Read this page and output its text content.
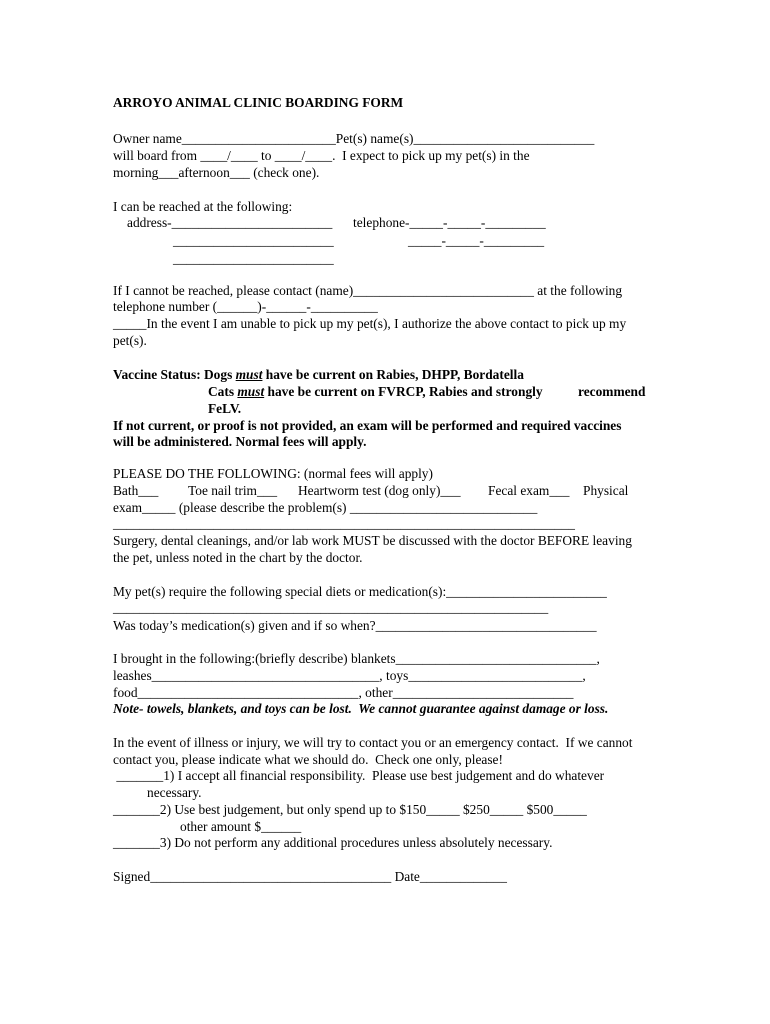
ARROYO ANIMAL CLINIC BOARDING FORM
Owner name_______________________Pet(s) name(s)___________________________
will board from ____/____ to ____/____.  I expect to pick up my pet(s) in the
morning___afternoon___ (check one).
I can be reached at the following:
address-________________________ telephone-_____-_____-_________
________________________	_____-_____-_________
________________________
If I cannot be reached, please contact (name)___________________________ at the following
telephone number (______)-______-__________
_____In the event I am unable to pick up my pet(s), I authorize the above contact to pick up my
pet(s).
Vaccine Status: Dogs must have be current on Rabies, DHPP, Bordatella
Cats must have be current on FVRCP, Rabies and strongly	recommend
FeLV.
If not current, or proof is not provided, an exam will be performed and required vaccines
will be administered. Normal fees will apply.
PLEASE DO THE FOLLOWING: (normal fees will apply)
Bath___ Toe nail trim___ Heartworm test (dog only)___ Fecal exam___ Physical
exam_____ (please describe the problem(s) ____________________________
_____________________________________________________________________
Surgery, dental cleanings, and/or lab work MUST be discussed with the doctor BEFORE leaving
the pet, unless noted in the chart by the doctor.
My pet(s) require the following special diets or medication(s):________________________
_________________________________________________________________
Was today’s medication(s) given and if so when?_________________________________
I brought in the following:(briefly describe) blankets______________________________,
leashes__________________________________, toys__________________________,
food_________________________________, other___________________________
Note- towels, blankets, and toys can be lost.  We cannot guarantee against damage or loss.
In the event of illness or injury, we will try to contact you or an emergency contact.  If we cannot
contact you, please indicate what we should do.  Check one only, please!
_______1) I accept all financial responsibility.  Please use best judgement and do whatever
necessary.
_______2) Use best judgement, but only spend up to $150_____ $250_____ $500_____
other amount $______
_______3) Do not perform any additional procedures unless absolutely necessary.
Signed____________________________________ Date_____________
